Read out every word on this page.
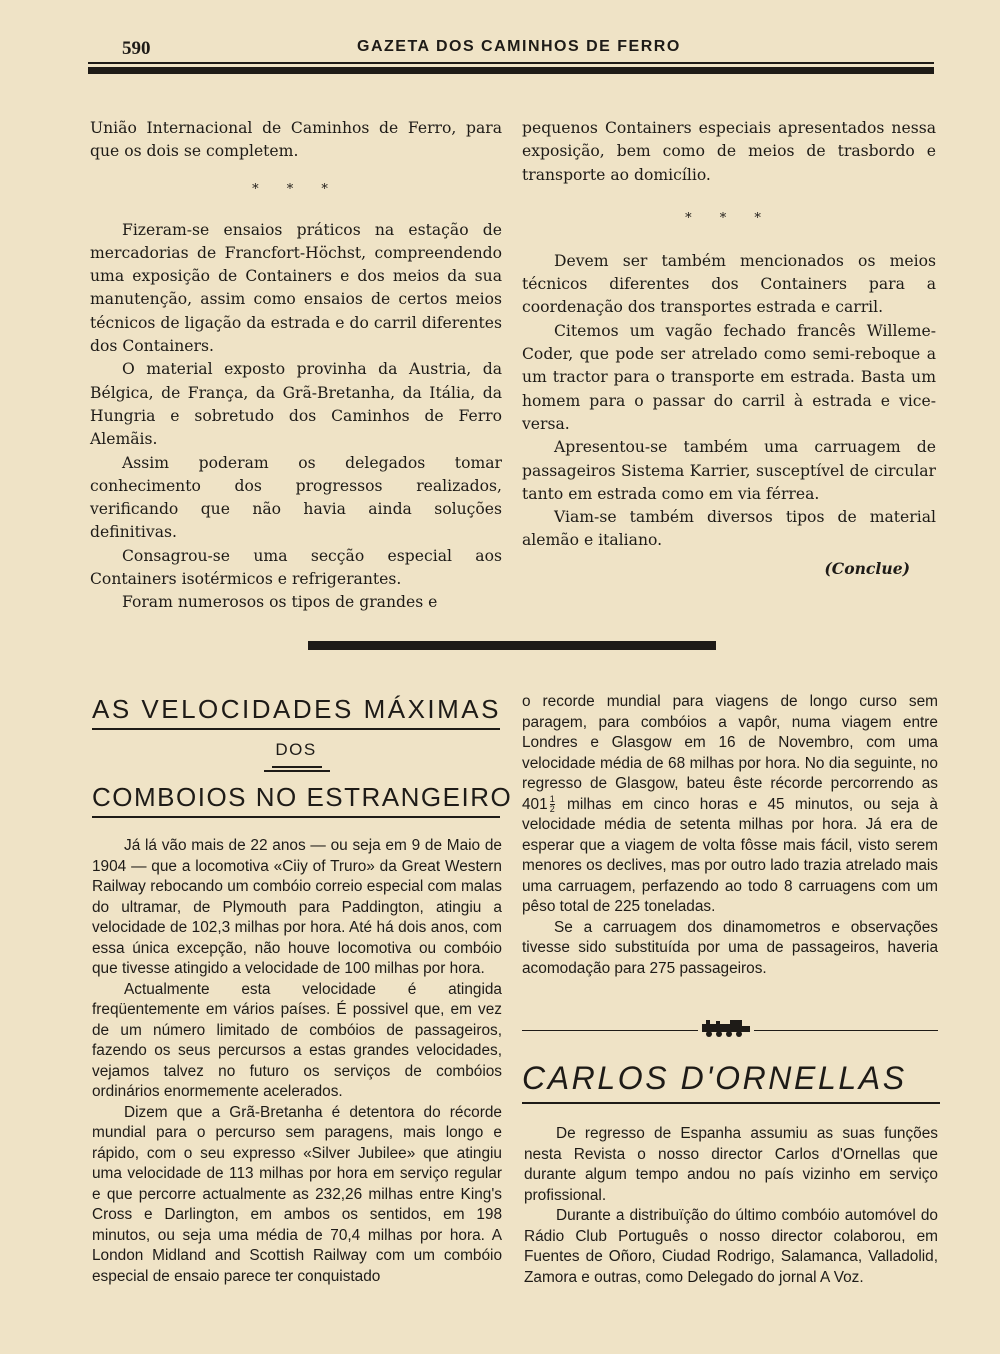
590	GAZETA DOS CAMINHOS DE FERRO

União Internacional de Caminhos de Ferro, para que os dois se completem.

* * *

Fizeram-se ensaios práticos na estação de mercadorias de Francfort-Höchst, compreendendo uma exposição de Containers e dos meios da sua manutenção, assim como ensaios de certos meios técnicos de ligação da estrada e do carril diferentes dos Containers.

O material exposto provinha da Austria, da Bélgica, de França, da Grã-Bretanha, da Itália, da Hungria e sobretudo dos Caminhos de Ferro Alemãis.

Assim poderam os delegados tomar conhecimento dos progressos realizados, verificando que não havia ainda soluções definitivas.

Consagrou-se uma secção especial aos Containers isotérmicos e refrigerantes.

Foram numerosos os tipos de grandes e

pequenos Containers especiais apresentados nessa exposição, bem como de meios de trasbordo e transporte ao domicílio.

* * *

Devem ser também mencionados os meios técnicos diferentes dos Containers para a coordenação dos transportes estrada e carril.

Citemos um vagão fechado francês Willeme-Coder, que pode ser atrelado como semi-reboque a um tractor para o transporte em estrada. Basta um homem para o passar do carril à estrada e vice-versa.

Apresentou-se também uma carruagem de passageiros Sistema Karrier, susceptível de circular tanto em estrada como em via férrea.

Viam-se também diversos tipos de material alemão e italiano.

(Conclue)
AS VELOCIDADES MÁXIMAS
DOS
COMBOIOS NO ESTRANGEIRO

Já lá vão mais de 22 anos — ou seja em 9 de Maio de 1904 — que a locomotiva «Ciiy of Truro» da Great Western Railway rebocando um combóio correio especial com malas do ultramar, de Plymouth para Paddington, atingiu a velocidade de 102,3 milhas por hora. Até há dois anos, com essa única excepção, não houve locomotiva ou combóio que tivesse atingido a velocidade de 100 milhas por hora.

Actualmente esta velocidade é atingida freqüentemente em vários países. É possivel que, em vez de um número limitado de combóios de passageiros, fazendo os seus percursos a estas grandes velocidades, vejamos talvez no futuro os serviços de combóios ordinários enormemente acelerados.

Dizem que a Grã-Bretanha é detentora do récorde mundial para o percurso sem paragens, mais longo e rápido, com o seu expresso «Silver Jubilee» que atingiu uma velocidade de 113 milhas por hora em serviço regular e que percorre actualmente as 232,26 milhas entre King's Cross e Darlington, em ambos os sentidos, em 198 minutos, ou seja uma média de 70,4 milhas por hora. A London Midland and Scottish Railway com um combóio especial de ensaio parece ter conquistado

o recorde mundial para viagens de longo curso sem paragem, para combóios a vapôr, numa viagem entre Londres e Glasgow em 16 de Novembro, com uma velocidade média de 68 milhas por hora. No dia seguinte, no regresso de Glasgow, bateu êste récorde percorrendo as $401 \frac{1}{2}$ milhas em cinco horas e 45 minutos, ou seja à velocidade média de setenta milhas por hora. Já era de esperar que a viagem de volta fôsse mais fácil, visto serem menores os declives, mas por outro lado trazia atrelado mais uma carruagem, perfazendo ao todo 8 carruagens com um pêso total de 225 toneladas.

Se a carruagem dos dinamometros e observações tivesse sido substituída por uma de passageiros, haveria acomodação para 275 passageiros.

CARLOS D'ORNELLAS

De regresso de Espanha assumiu as suas funções nesta Revista o nosso director Carlos d'Ornellas que durante algum tempo andou no país vizinho em serviço profissional.

Durante a distribuïção do último combóio automóvel do Rádio Club Português o nosso director colaborou, em Fuentes de Oñoro, Ciudad Rodrigo, Salamanca, Valladolid, Zamora e outras, como Delegado do jornal A Voz.
